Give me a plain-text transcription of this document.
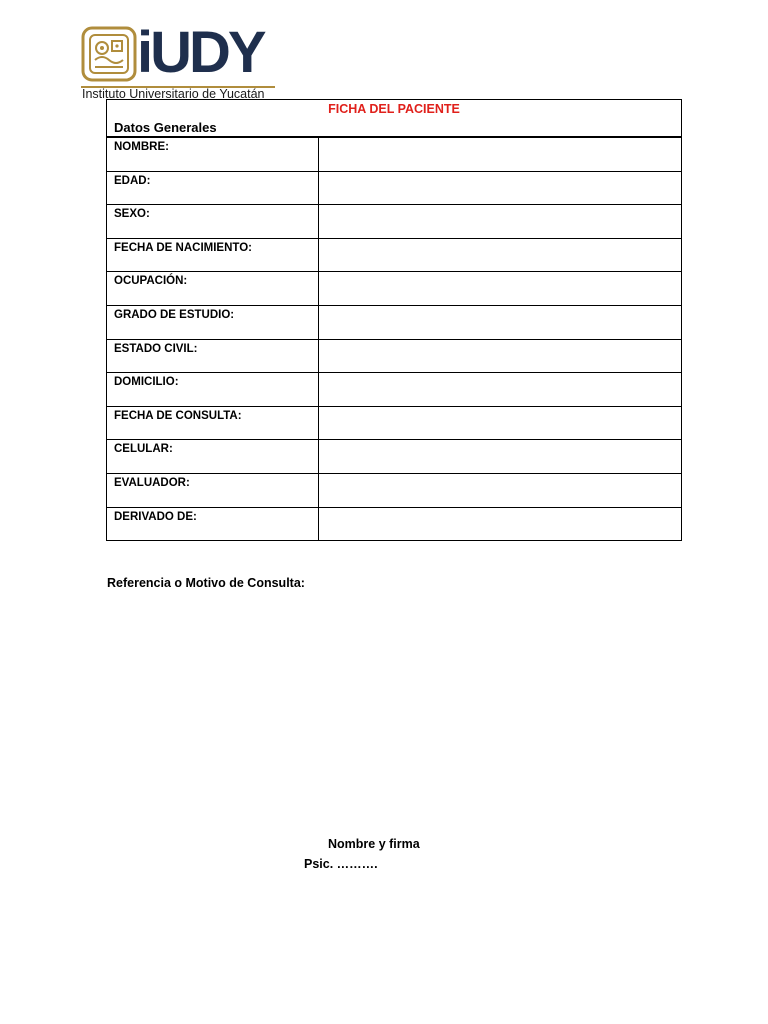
iUDY
Instituto Universitario de Yucatán
FICHA DEL PACIENTE
Datos Generales
NOMBRE:	
EDAD:	
SEXO:	
FECHA DE NACIMIENTO:	
OCUPACIÓN:	
GRADO DE ESTUDIO:	
ESTADO CIVIL:	
DOMICILIO:	
FECHA DE CONSULTA:	
CELULAR:	
EVALUADOR:	
DERIVADO DE:	
Referencia o Motivo de Consulta:
Nombre y firma
Psic. ……….
